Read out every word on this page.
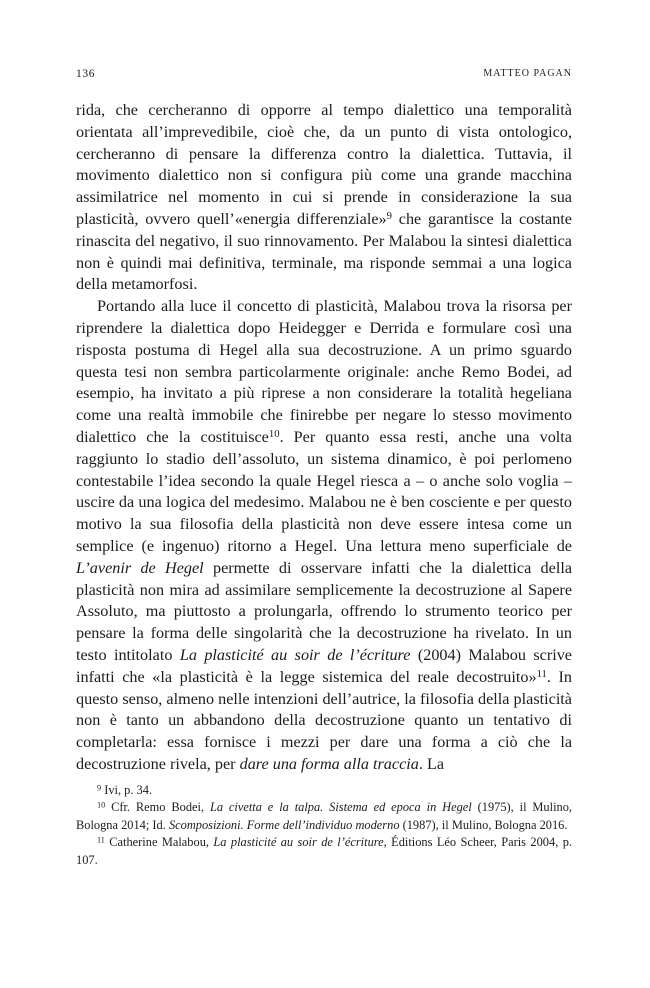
136	MATTEO PAGAN

rida, che cercheranno di opporre al tempo dialettico una temporalità orientata all’imprevedibile, cioè che, da un punto di vista ontologico, cercheranno di pensare la differenza contro la dialettica. Tuttavia, il movimento dialettico non si configura più come una grande macchina assimilatrice nel momento in cui si prende in considerazione la sua plasticità, ovvero quell’«energia differenziale»$^9$ che garantisce la costante rinascita del negativo, il suo rinnovamento. Per Malabou la sintesi dialettica non è quindi mai definitiva, terminale, ma risponde semmai a una logica della metamorfosi.

Portando alla luce il concetto di plasticità, Malabou trova la risorsa per riprendere la dialettica dopo Heidegger e Derrida e formulare così una risposta postuma di Hegel alla sua decostruzione. A un primo sguardo questa tesi non sembra particolarmente originale: anche Remo Bodei, ad esempio, ha invitato a più riprese a non considerare la totalità hegeliana come una realtà immobile che finirebbe per negare lo stesso movimento dialettico che la costituisce$^{10}$. Per quanto essa resti, anche una volta raggiunto lo stadio dell’assoluto, un sistema dinamico, è poi perlomeno contestabile l’idea secondo la quale Hegel riesca a – o anche solo voglia – uscire da una logica del medesimo. Malabou ne è ben cosciente e per questo motivo la sua filosofia della plasticità non deve essere intesa come un semplice (e ingenuo) ritorno a Hegel. Una lettura meno superficiale de L’avenir de Hegel permette di osservare infatti che la dialettica della plasticità non mira ad assimilare semplicemente la decostruzione al Sapere Assoluto, ma piuttosto a prolungarla, offrendo lo strumento teorico per pensare la forma delle singolarità che la decostruzione ha rivelato. In un testo intitolato La plasticité au soir de l’écriture (2004) Malabou scrive infatti che «la plasticità è la legge sistemica del reale decostruito»$^{11}$. In questo senso, almeno nelle intenzioni dell’autrice, la filosofia della plasticità non è tanto un abbandono della decostruzione quanto un tentativo di completarla: essa fornisce i mezzi per dare una forma a ciò che la decostruzione rivela, per dare una forma alla traccia. La

$^9$ Ivi, p. 34.

$^{10}$ Cfr. Remo Bodei, La civetta e la talpa. Sistema ed epoca in Hegel (1975), il Mulino, Bologna 2014; Id. Scomposizioni. Forme dell’individuo moderno (1987), il Mulino, Bologna 2016.

$^{11}$ Catherine Malabou, La plasticité au soir de l’écriture, Éditions Léo Scheer, Paris 2004, p. 107.
